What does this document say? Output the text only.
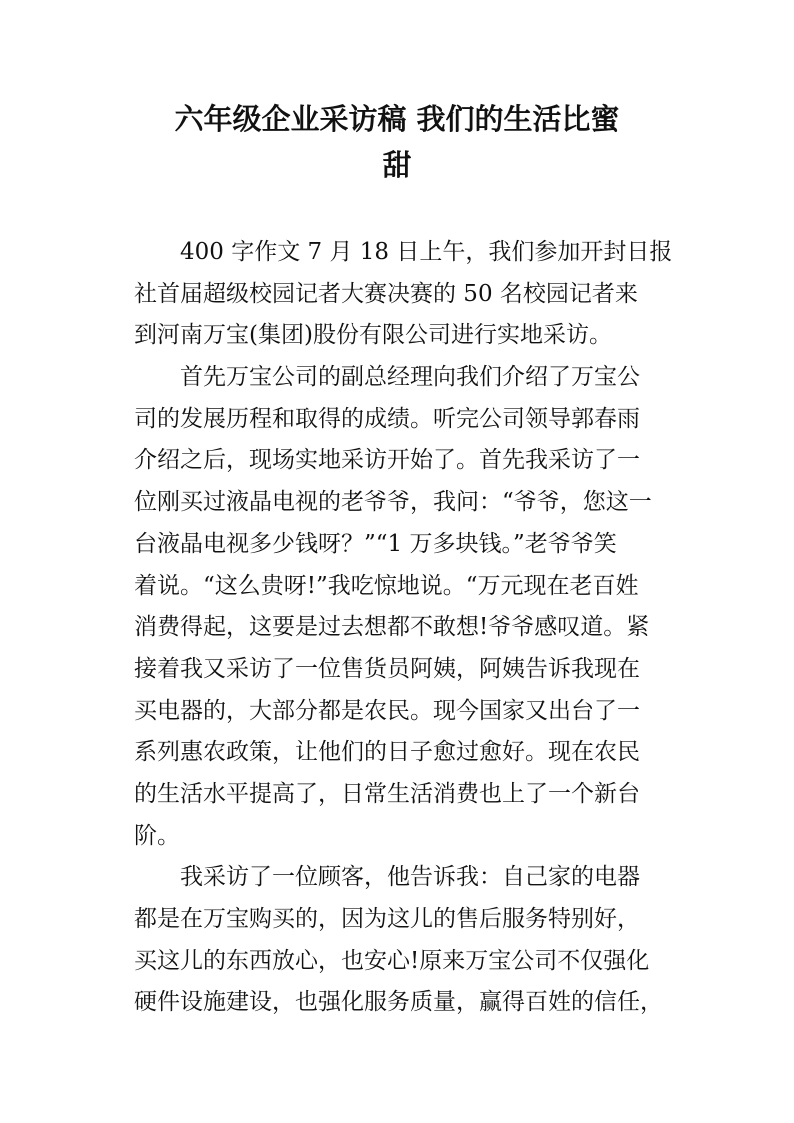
六年级企业采访稿 我们的生活比蜜
甜

400 字作文 7 月 18 日上午，我们参加开封日报
社首届超级校园记者大赛决赛的 50 名校园记者来
到河南万宝(集团)股份有限公司进行实地采访。

首先万宝公司的副总经理向我们介绍了万宝公
司的发展历程和取得的成绩。听完公司领导郭春雨
介绍之后，现场实地采访开始了。首先我采访了一
位刚买过液晶电视的老爷爷，我问：“爷爷，您这一
台液晶电视多少钱呀？”“1 万多块钱。”老爷爷笑
着说。“这么贵呀!”我吃惊地说。“万元现在老百姓
消费得起，这要是过去想都不敢想!爷爷感叹道。紧
接着我又采访了一位售货员阿姨，阿姨告诉我现在
买电器的，大部分都是农民。现今国家又出台了一
系列惠农政策，让他们的日子愈过愈好。现在农民
的生活水平提高了，日常生活消费也上了一个新台
阶。

我采访了一位顾客，他告诉我：自己家的电器
都是在万宝购买的，因为这儿的售后服务特别好，
买这儿的东西放心，也安心!原来万宝公司不仅强化
硬件设施建设，也强化服务质量，赢得百姓的信任，
